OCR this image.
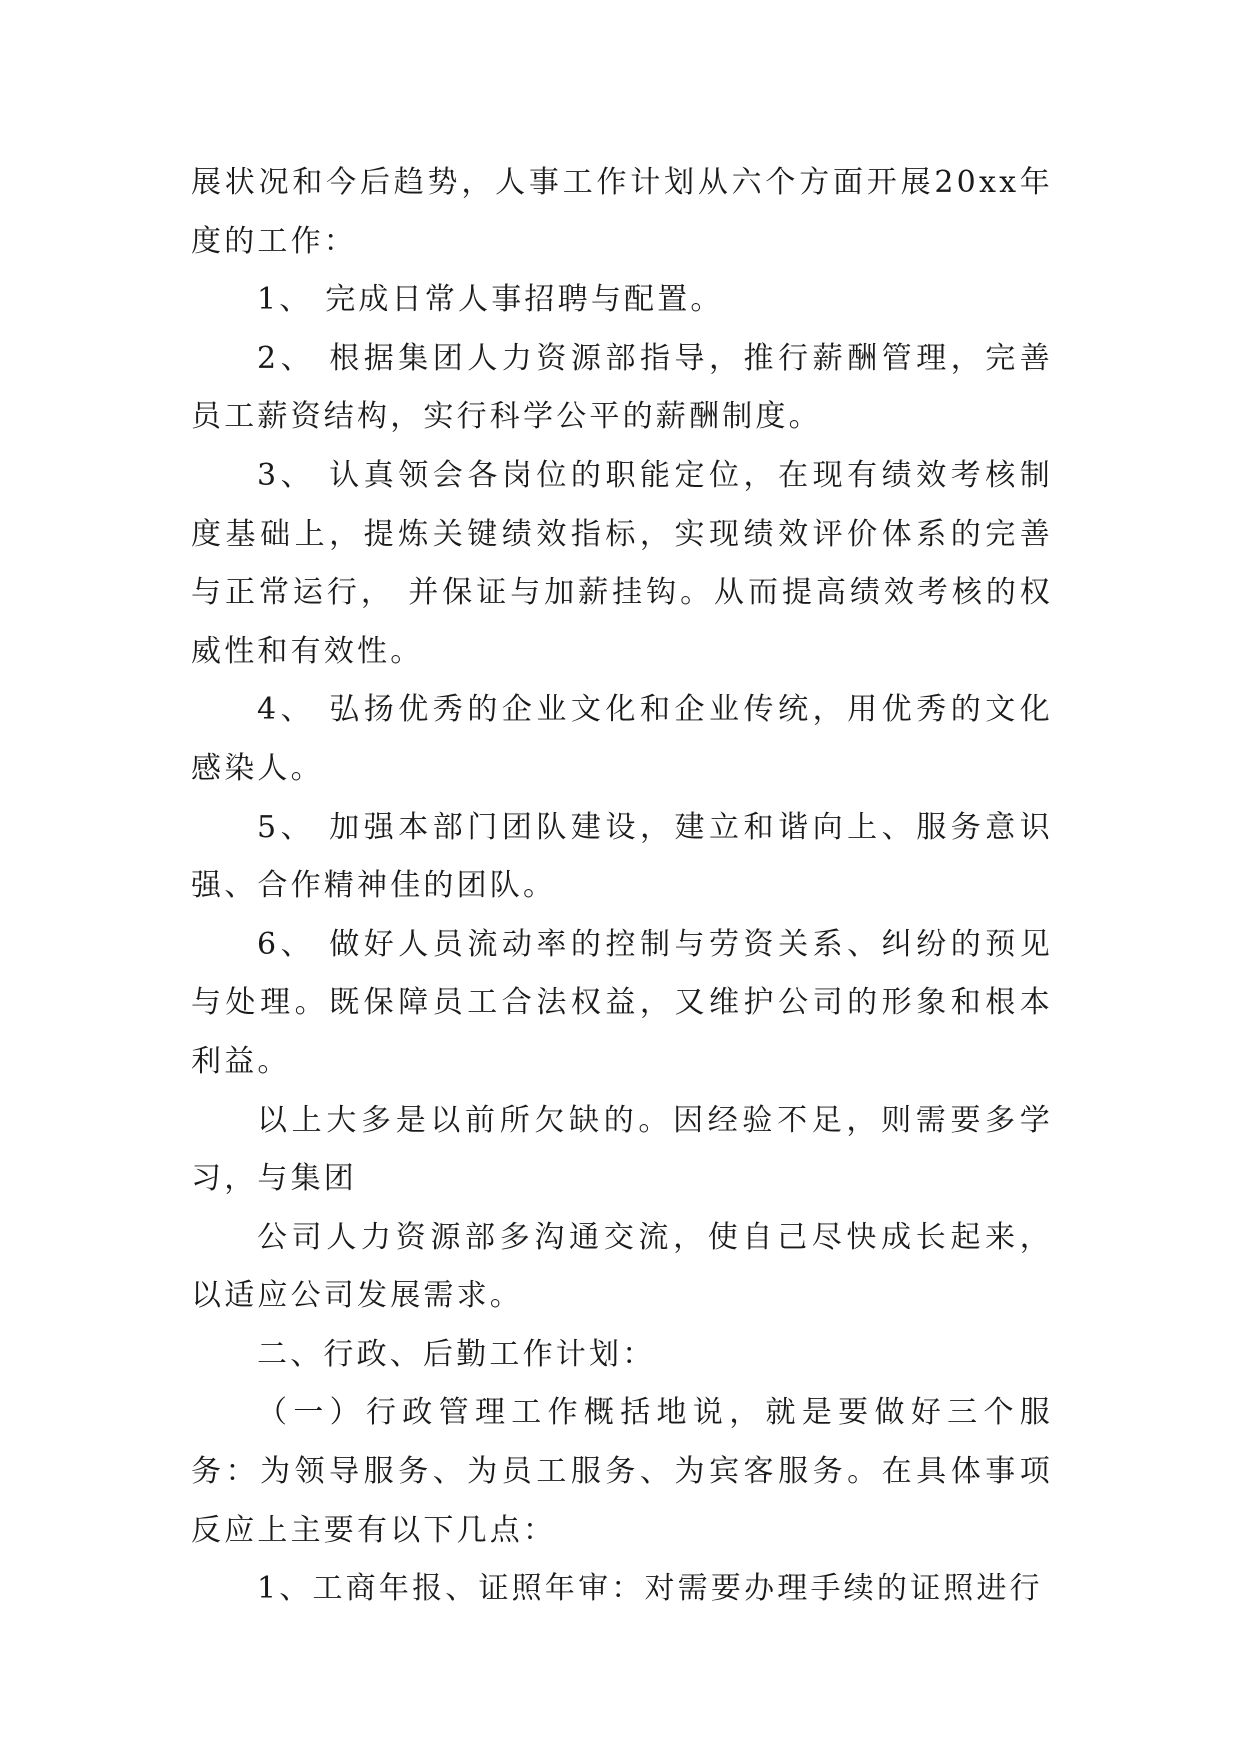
展状况和今后趋势，人事工作计划从六个方面开展20xx年度的工作：

1、 完成日常人事招聘与配置。

2、 根据集团人力资源部指导，推行薪酬管理，完善员工薪资结构，实行科学公平的薪酬制度。

3、 认真领会各岗位的职能定位，在现有绩效考核制度基础上，提炼关键绩效指标，实现绩效评价体系的完善与正常运行， 并保证与加薪挂钩。从而提高绩效考核的权威性和有效性。

4、 弘扬优秀的企业文化和企业传统，用优秀的文化感染人。

5、 加强本部门团队建设，建立和谐向上、服务意识强、合作精神佳的团队。

6、 做好人员流动率的控制与劳资关系、纠纷的预见与处理。既保障员工合法权益，又维护公司的形象和根本利益。

以上大多是以前所欠缺的。因经验不足，则需要多学习，与集团

公司人力资源部多沟通交流，使自己尽快成长起来，以适应公司发展需求。

二、行政、后勤工作计划：

（一）行政管理工作概括地说，就是要做好三个服务：为领导服务、为员工服务、为宾客服务。在具体事项反应上主要有以下几点：

1、工商年报、证照年审：对需要办理手续的证照进行
